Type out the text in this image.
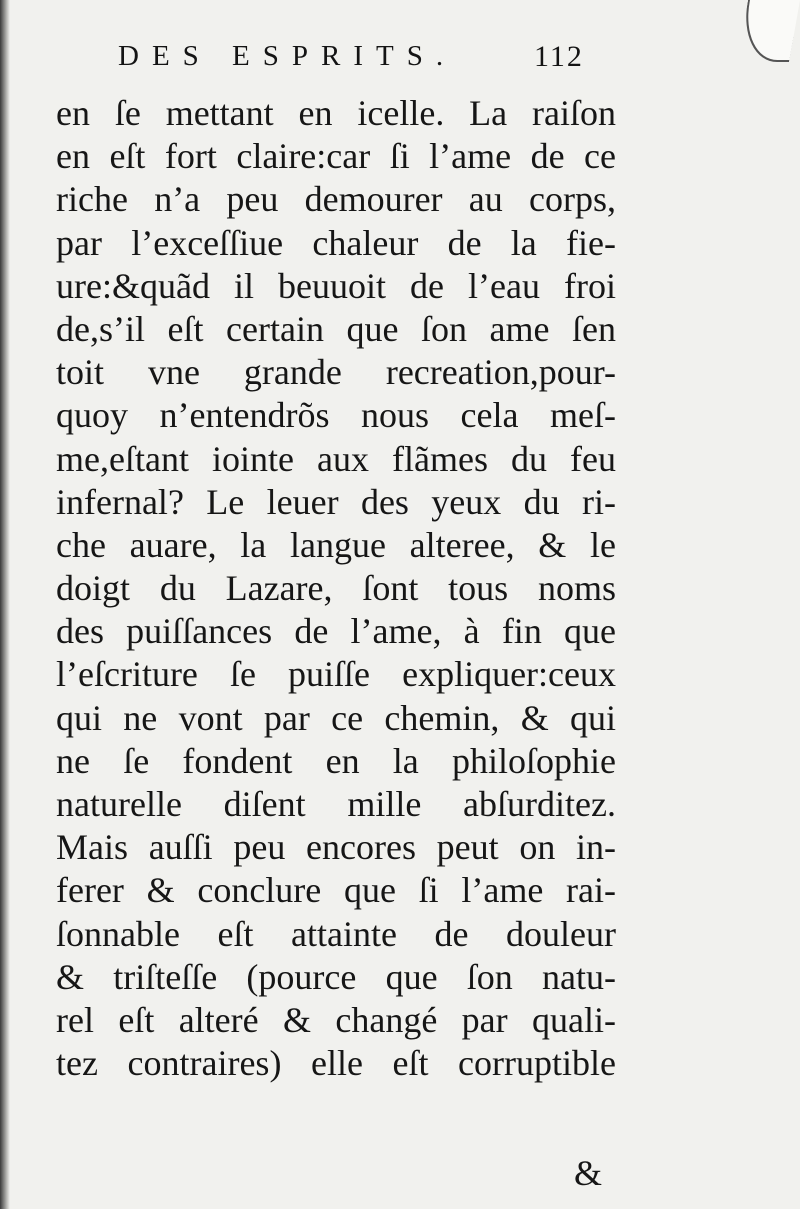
DES ESPRITS.	112
en ſe mettant en icelle. La raiſon
en eſt fort claire:car ſi l’ame de ce
riche n’a peu demourer au corps,
par l’exceſſiue chaleur de la fie-
ure:&quãd il beuuoit de l’eau froi
de,s’il eſt certain que ſon ame ſen
toit vne grande recreation,pour-
quoy n’entendrõs nous cela meſ-
me,eſtant iointe aux flãmes du feu
infernal? Le leuer des yeux du ri-
che auare, la langue alteree, & le
doigt du Lazare, ſont tous noms
des puiſſances de l’ame, à fin que
l’eſcriture ſe puiſſe expliquer:ceux
qui ne vont par ce chemin, & qui
ne ſe fondent en la philoſophie
naturelle diſent mille abſurditez.
Mais auſſi peu encores peut on in-
ferer & conclure que ſi l’ame rai-
ſonnable eſt attainte de douleur
& triſteſſe (pource que ſon natu-
rel eſt alteré & changé par quali-
tez contraires) elle eſt corruptible
&
